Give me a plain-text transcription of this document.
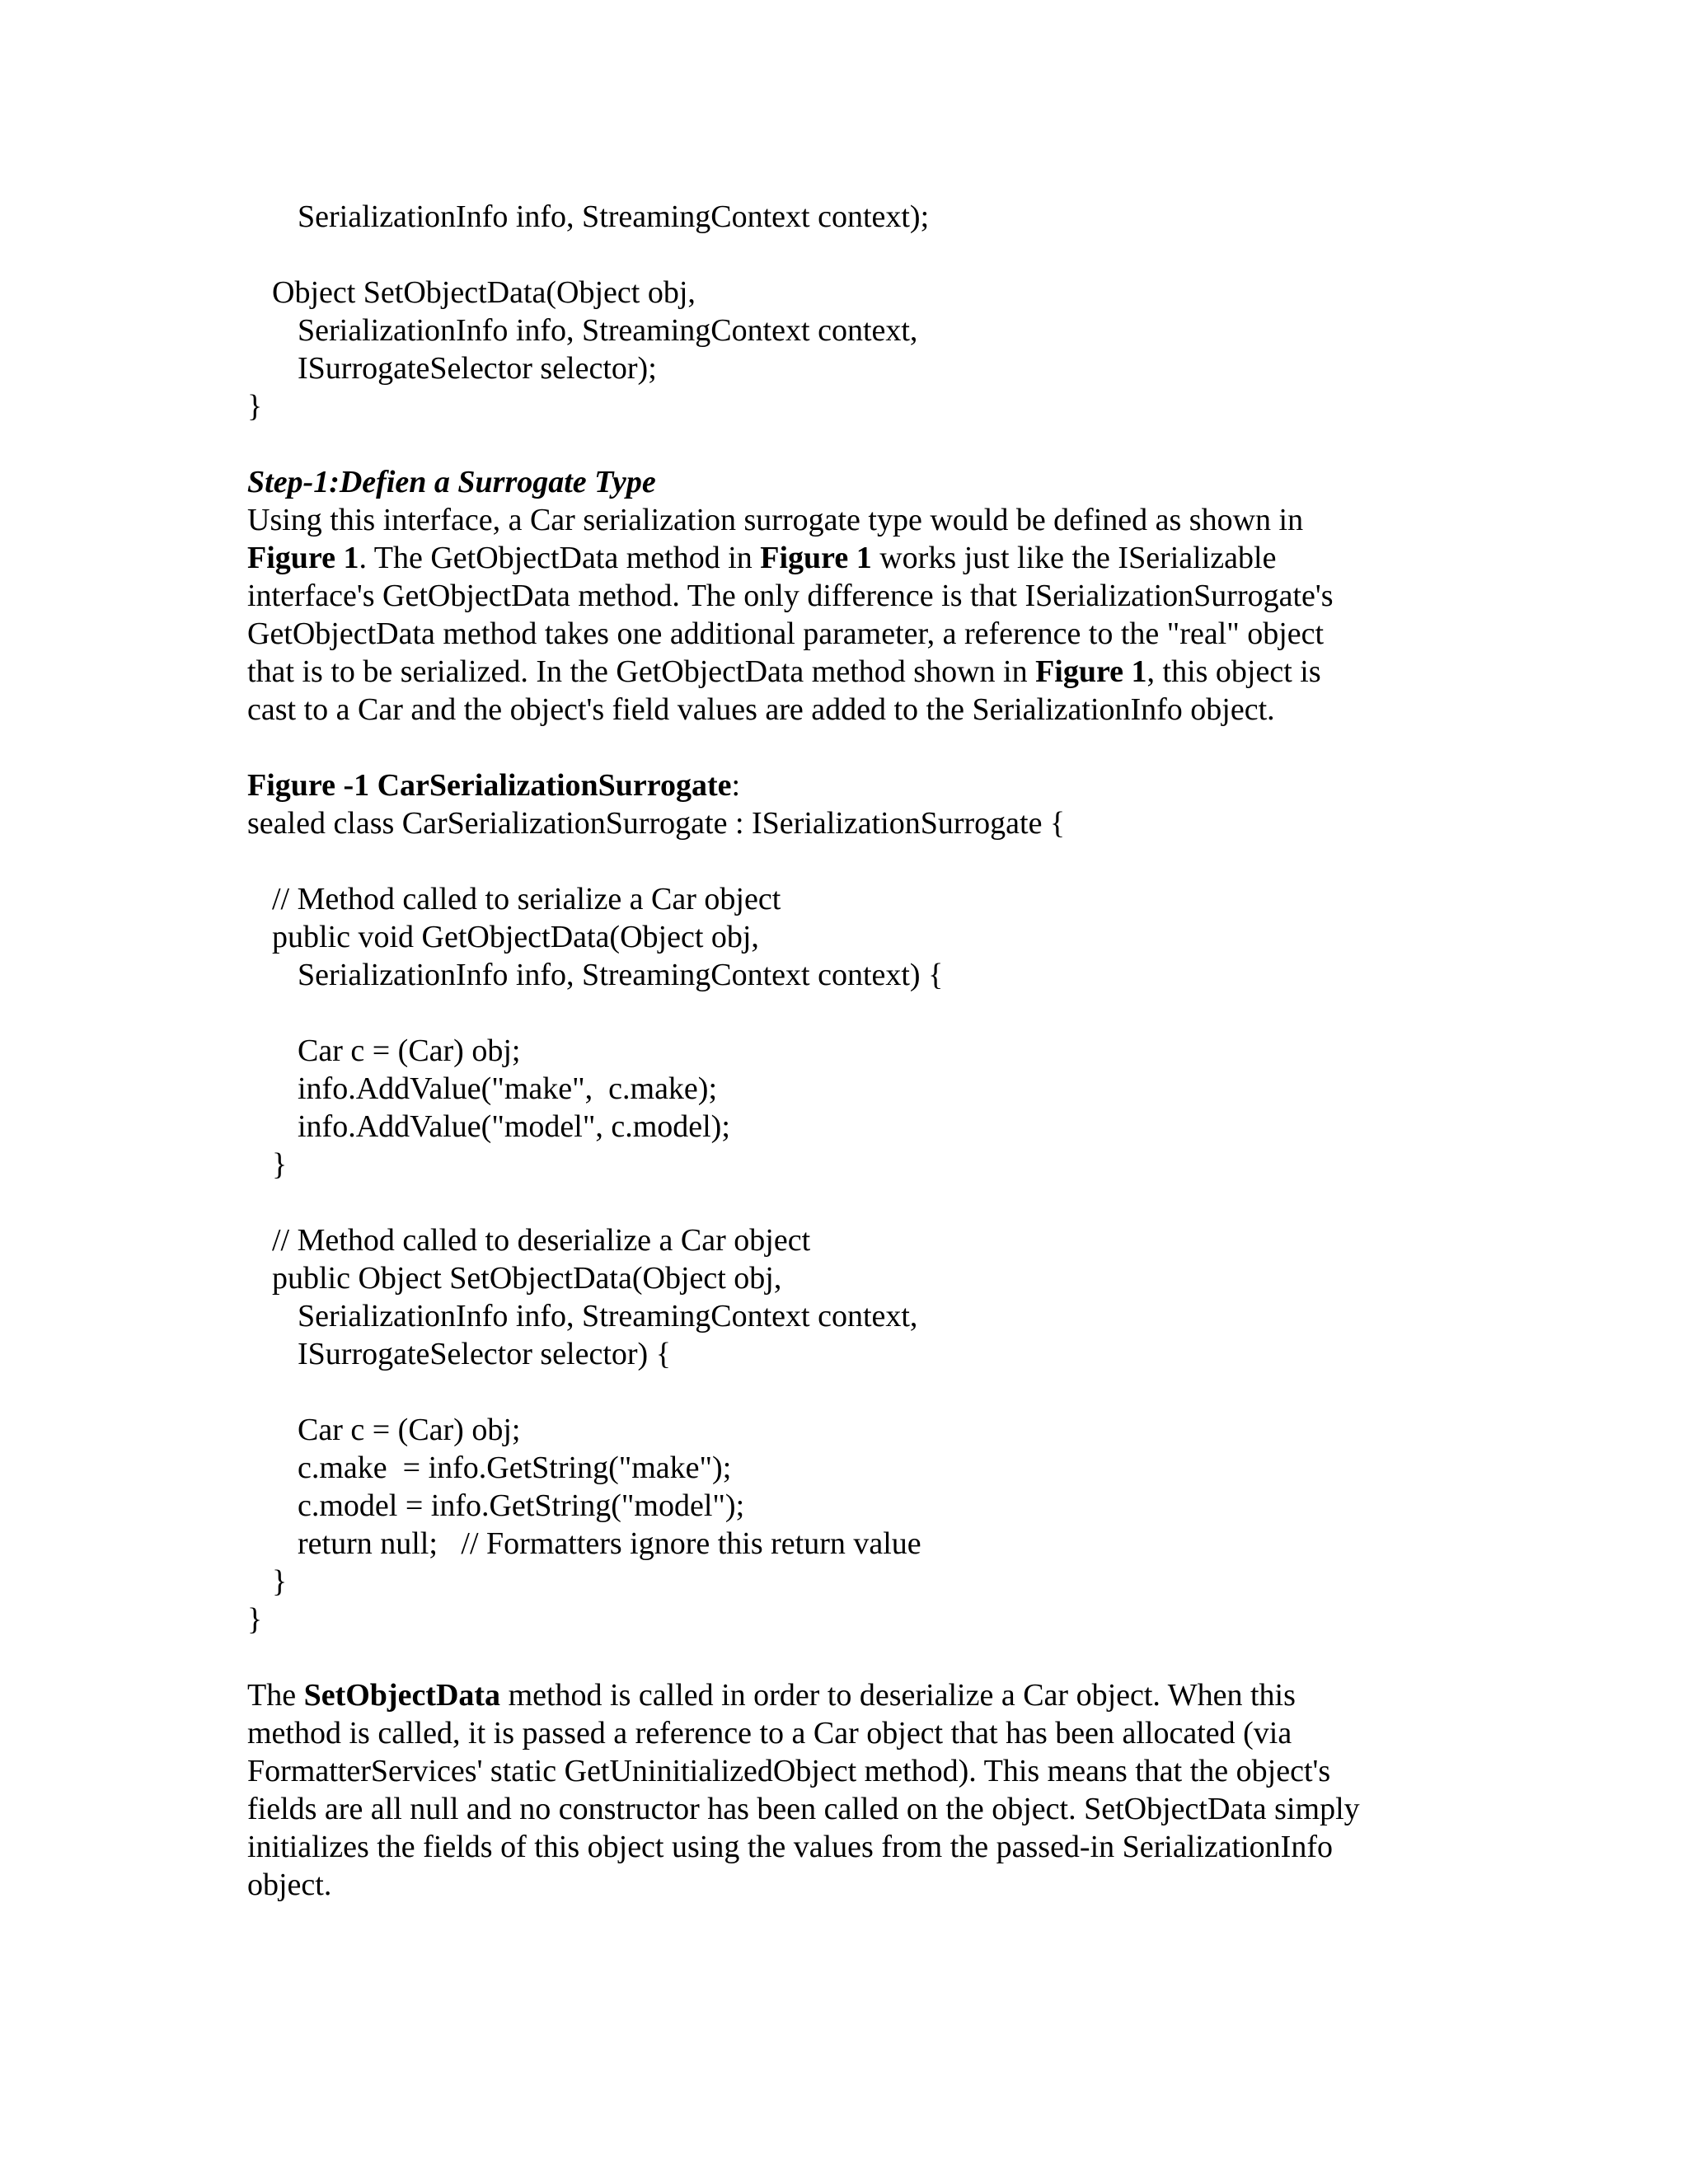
SerializationInfo info, StreamingContext context);
Object SetObjectData(Object obj,
SerializationInfo info, StreamingContext context,
ISurrogateSelector selector);
}
Step-1:Defien a Surrogate Type
Using this interface, a Car serialization surrogate type would be defined as shown in
Figure 1. The GetObjectData method in Figure 1 works just like the ISerializable
interface's GetObjectData method. The only difference is that ISerializationSurrogate's
GetObjectData method takes one additional parameter, a reference to the "real" object
that is to be serialized. In the GetObjectData method shown in Figure 1, this object is
cast to a Car and the object's field values are added to the SerializationInfo object.
Figure -1 CarSerializationSurrogate:
sealed class CarSerializationSurrogate : ISerializationSurrogate {
// Method called to serialize a Car object
public void GetObjectData(Object obj,
SerializationInfo info, StreamingContext context) {
Car c = (Car) obj;
info.AddValue("make",  c.make);
info.AddValue("model", c.model);
}
// Method called to deserialize a Car object
public Object SetObjectData(Object obj,
SerializationInfo info, StreamingContext context,
ISurrogateSelector selector) {
Car c = (Car) obj;
c.make  = info.GetString("make");
c.model = info.GetString("model");
return null;   // Formatters ignore this return value
}
}
The SetObjectData method is called in order to deserialize a Car object. When this
method is called, it is passed a reference to a Car object that has been allocated (via
FormatterServices' static GetUninitializedObject method). This means that the object's
fields are all null and no constructor has been called on the object. SetObjectData simply
initializes the fields of this object using the values from the passed-in SerializationInfo
object.
